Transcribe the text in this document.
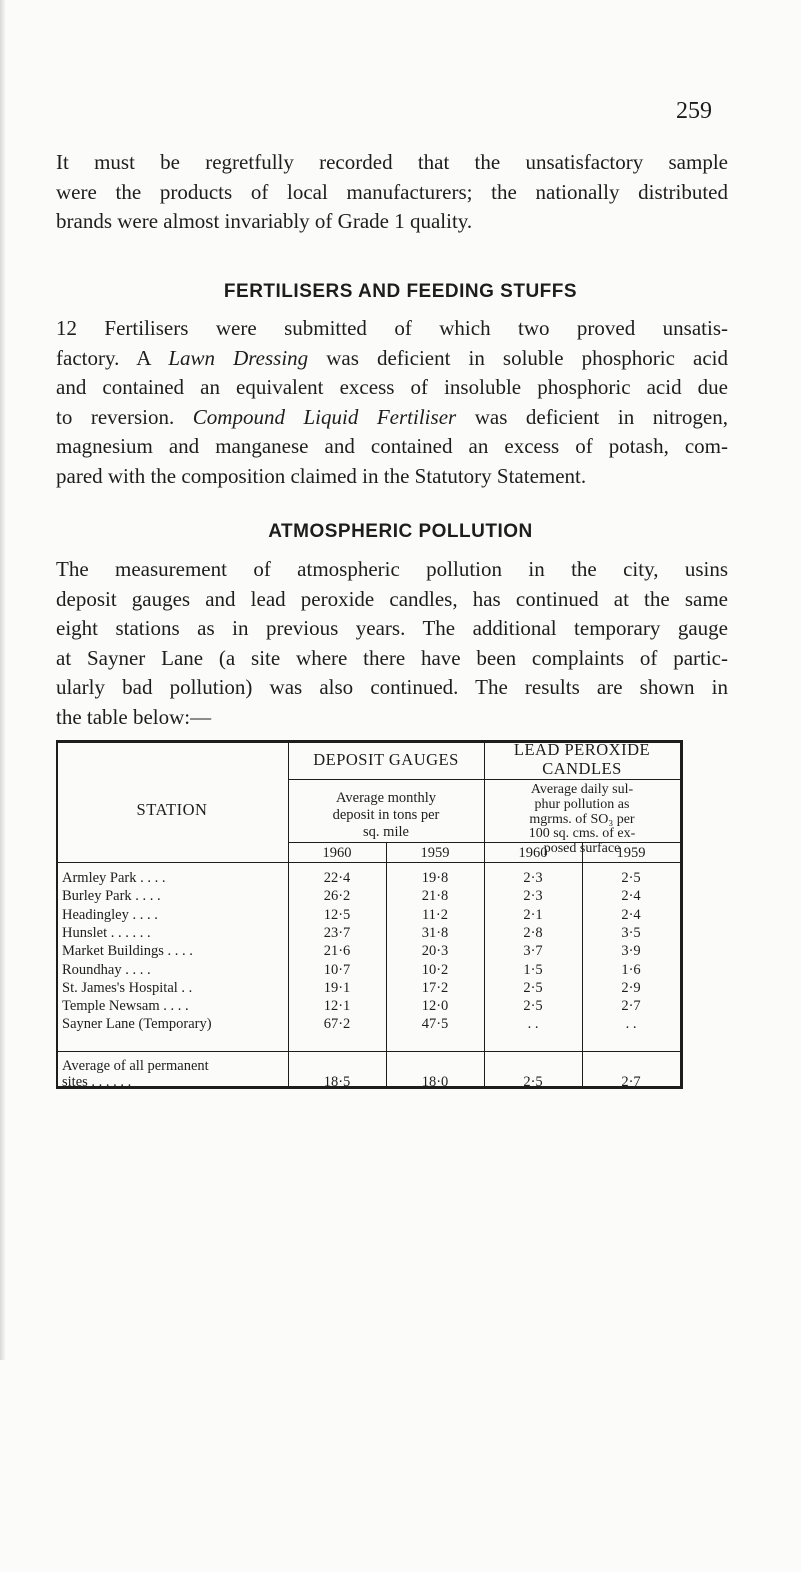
259
It must be regretfully recorded that the unsatisfactory sample
were the products of local manufacturers; the nationally distributed
brands were almost invariably of Grade 1 quality.
FERTILISERS AND FEEDING STUFFS
12 Fertilisers were submitted of which two proved unsatis-
factory. A Lawn Dressing was deficient in soluble phosphoric acid
and contained an equivalent excess of insoluble phosphoric acid due
to reversion. Compound Liquid Fertiliser was deficient in nitrogen,
magnesium and manganese and contained an excess of potash, com-
pared with the composition claimed in the Statutory Statement.
ATMOSPHERIC POLLUTION
The measurement of atmospheric pollution in the city, usins
deposit gauges and lead peroxide candles, has continued at the same
eight stations as in previous years. The additional temporary gauge
at Sayner Lane (a site where there have been complaints of partic-
ularly bad pollution) was also continued. The results are shown in
the table below:—
STATION
DEPOSIT GAUGES
LEAD PEROXIDE
CANDLES
Average monthly
deposit in tons per
sq. mile
Average daily sul-
phur pollution as
mgrms. of SO₃ per
100 sq. cms. of ex-
posed surface
1960	1959	1960	1959
Armley Park . . . .	22·4	19·8	2·3	2·5
Burley Park . . . .	26·2	21·8	2·3	2·4
Headingley . . . .	12·5	11·2	2·1	2·4
Hunslet . . . . . .	23·7	31·8	2·8	3·5
Market Buildings . . . .	21·6	20·3	3·7	3·9
Roundhay . . . .	10·7	10·2	1·5	1·6
St. James's Hospital . .	19·1	17·2	2·5	2·9
Temple Newsam . . . .	12·1	12·0	2·5	2·7
Sayner Lane (Temporary)	67·2	47·5	. .	. .
Average of all permanent
sites . . . . . .	18·5	18·0	2·5	2·7
